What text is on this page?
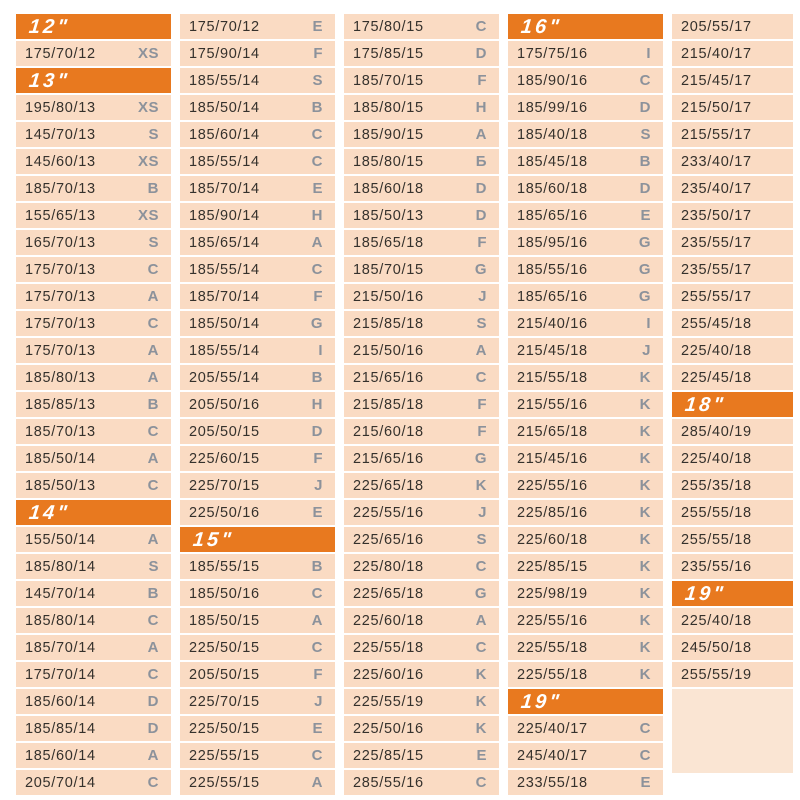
12"
175/70/12	XS
13"
195/80/13	XS
145/70/13	S
145/60/13	XS
185/70/13	B
155/65/13	XS
165/70/13	S
175/70/13	C
175/70/13	A
175/70/13	C
175/70/13	A
185/80/13	A
185/85/13	B
185/70/13	C
185/50/14	A
185/50/13	C
14"
155/50/14	A
185/80/14	S
145/70/14	B
185/80/14	C
185/70/14	A
175/70/14	C
185/60/14	D
185/85/14	D
185/60/14	A
205/70/14	C
175/70/12	E
175/90/14	F
185/55/14	S
185/50/14	B
185/60/14	C
185/55/14	C
185/70/14	E
185/90/14	H
185/65/14	A
185/55/14	C
185/70/14	F
185/50/14	G
185/55/14	I
205/55/14	B
205/50/16	H
205/50/15	D
225/60/15	F
225/70/15	J
225/50/16	E
15"
185/55/15	B
185/50/16	C
185/50/15	A
225/50/15	C
205/50/15	F
225/70/15	J
225/50/15	E
225/55/15	C
225/55/15	A
175/80/15	C
175/85/15	D
185/70/15	F
185/80/15	H
185/90/15	A
185/80/15	Б
185/60/18	D
185/50/13	D
185/65/18	F
185/70/15	G
215/50/16	J
215/85/18	S
215/50/16	A
215/65/16	C
215/85/18	F
215/60/18	F
215/65/16	G
225/65/18	K
225/55/16	J
225/65/16	S
225/80/18	C
225/65/18	G
225/60/18	A
225/55/18	C
225/60/16	K
225/55/19	K
225/50/16	K
225/85/15	E
285/55/16	C
16"
175/75/16	I
185/90/16	C
185/99/16	D
185/40/18	S
185/45/18	B
185/60/18	D
185/65/16	E
185/95/16	G
185/55/16	G
185/65/16	G
215/40/16	I
215/45/18	J
215/55/18	K
215/55/16	K
215/65/18	K
215/45/16	K
225/55/16	K
225/85/16	K
225/60/18	K
225/85/15	K
225/98/19	K
225/55/16	K
225/55/18	K
225/55/18	K
19"
225/40/17	C
245/40/17	C
233/55/18	E
205/55/17
215/40/17
215/45/17
215/50/17
215/55/17
233/40/17
235/40/17
235/50/17
235/55/17
235/55/17
255/55/17
255/45/18
225/40/18
225/45/18
18"
285/40/19
225/40/18
255/35/18
255/55/18
255/55/18
235/55/16
19"
225/40/18
245/50/18
255/55/19
